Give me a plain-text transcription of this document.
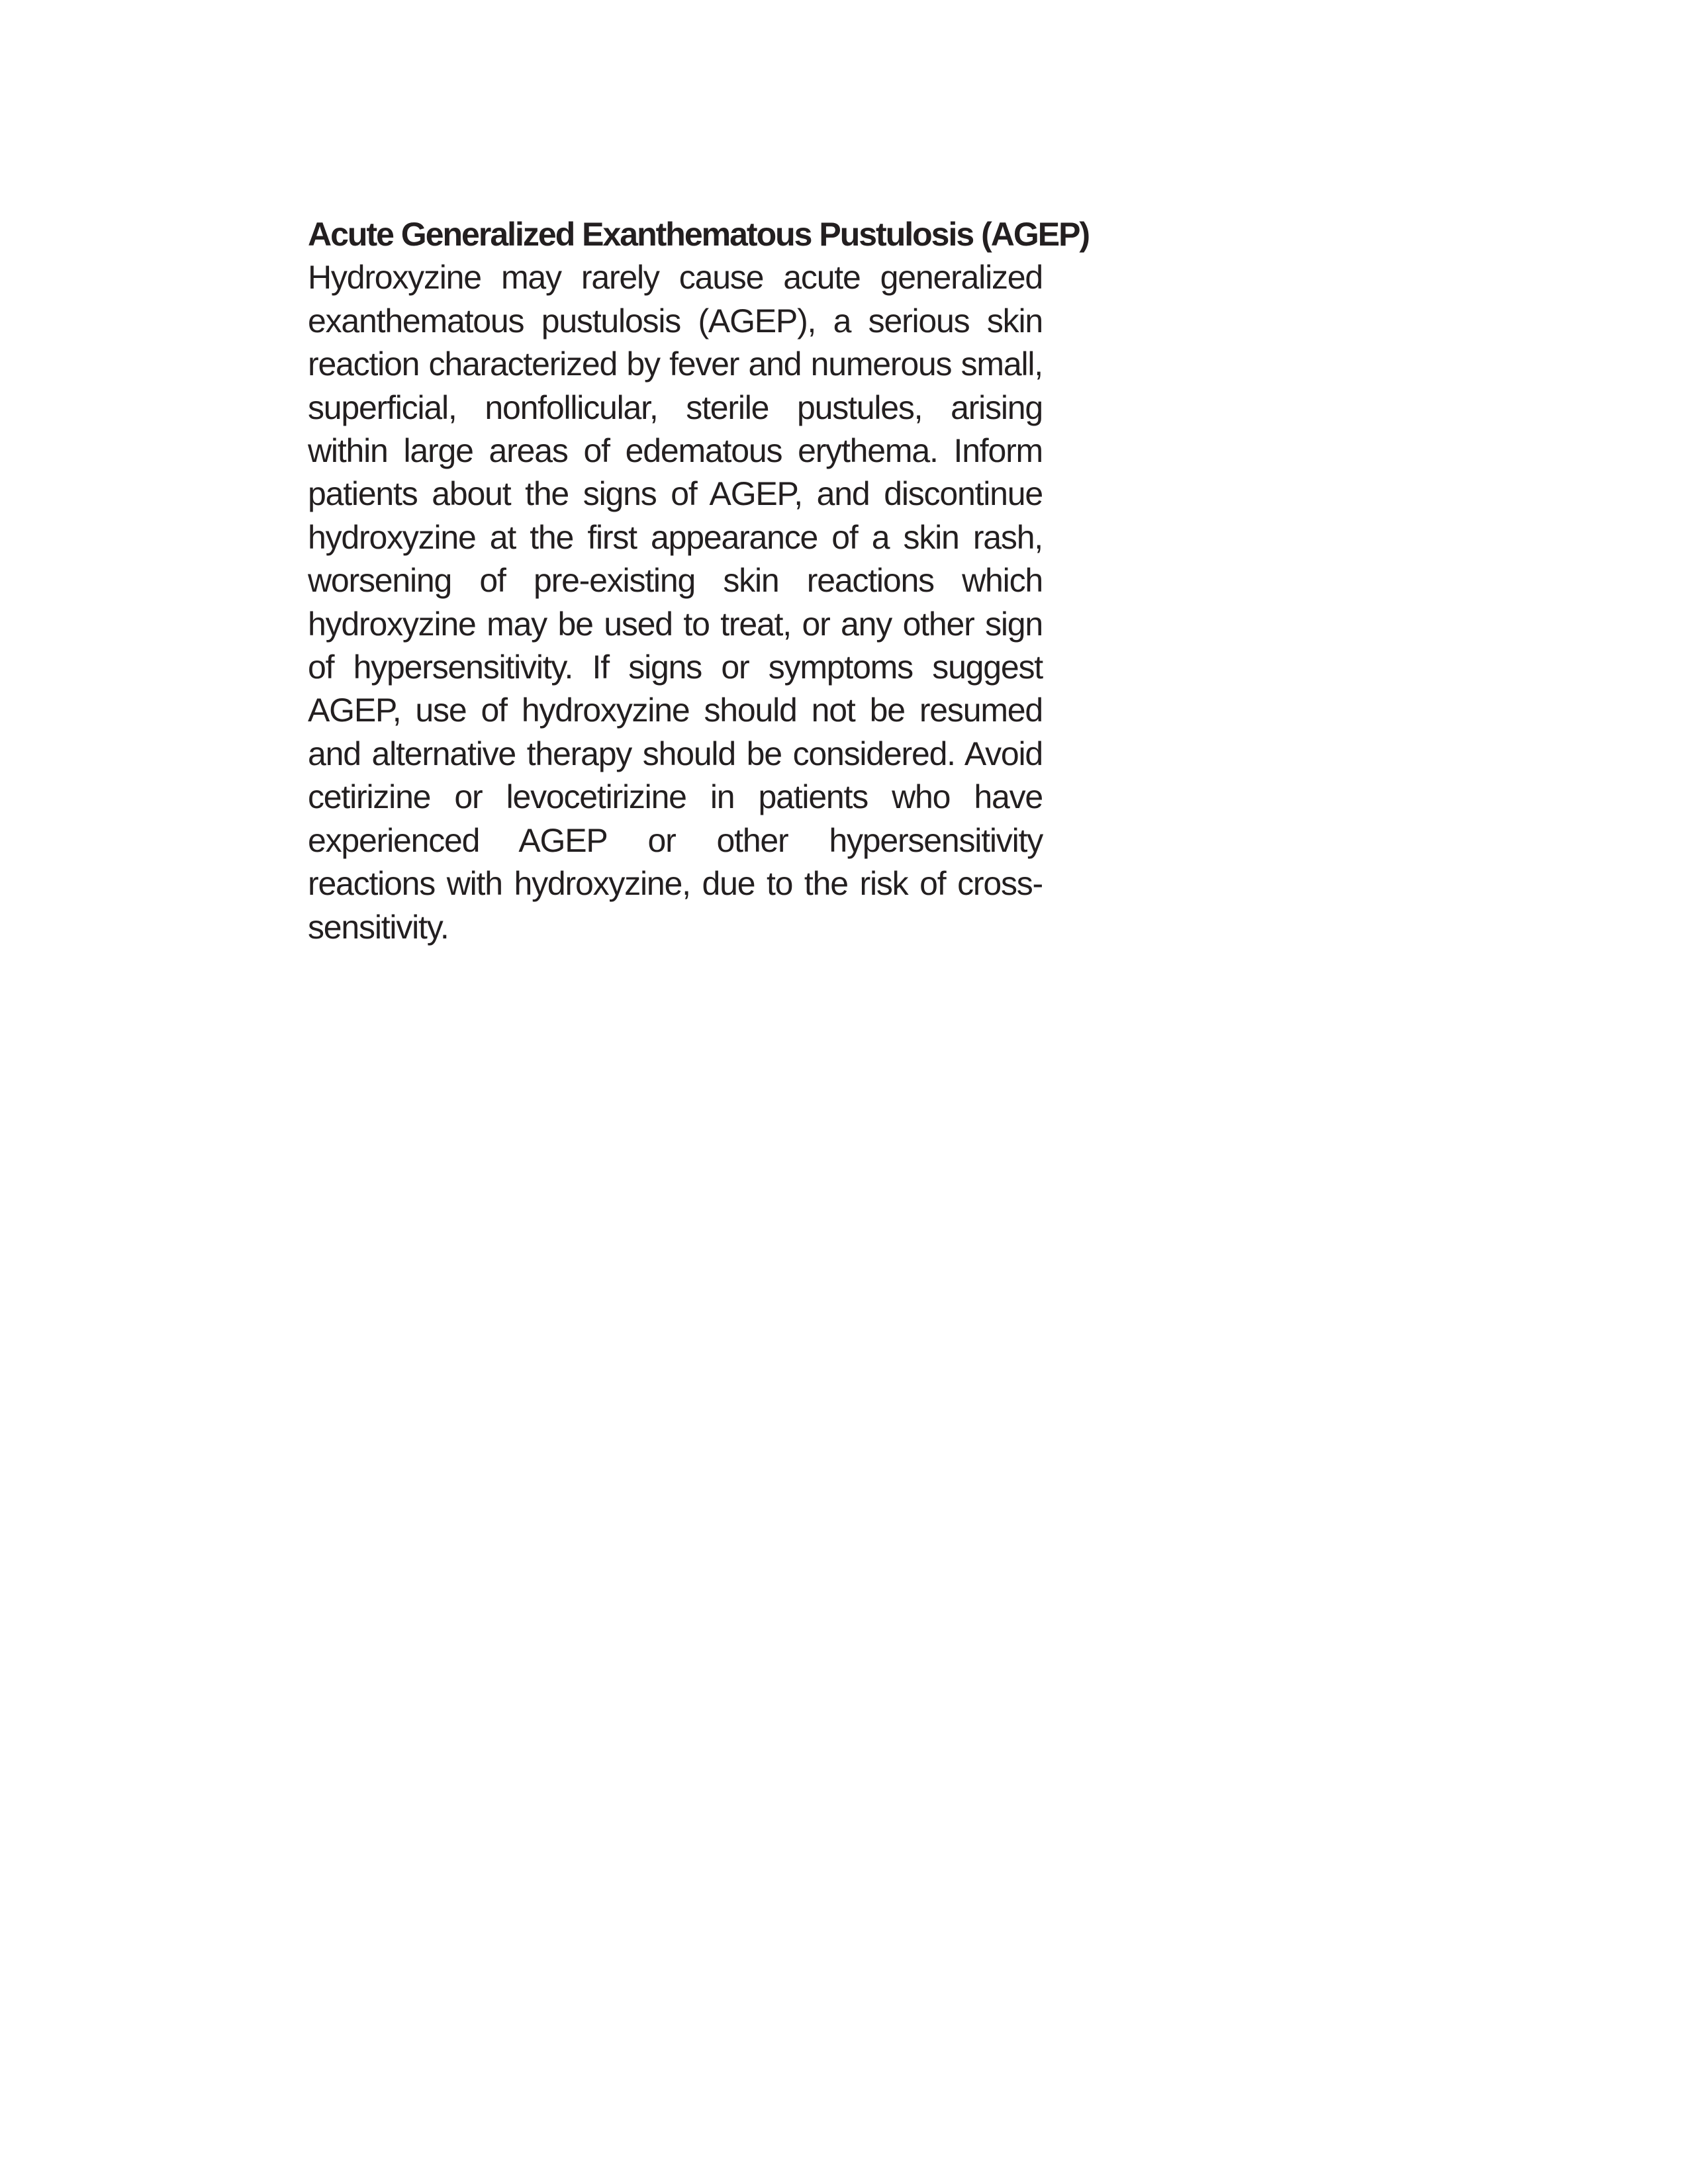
Acute Generalized Exanthematous Pustulosis (AGEP)

Hydroxyzine may rarely cause acute generalized exanthematous pustulosis (AGEP), a serious skin reaction characterized by fever and numerous small, superficial, nonfollicular, sterile pustules, arising within large areas of edematous erythema. Inform patients about the signs of AGEP, and discontinue hydroxyzine at the first appearance of a skin rash, worsening of pre-existing skin reactions which hydroxyzine may be used to treat, or any other sign of hypersensitivity. If signs or symptoms suggest AGEP, use of hydroxyzine should not be resumed and alternative therapy should be considered. Avoid cetirizine or levocetirizine in patients who have experienced AGEP or other hypersensitivity reactions with hydroxyzine, due to the risk of cross-sensitivity.
